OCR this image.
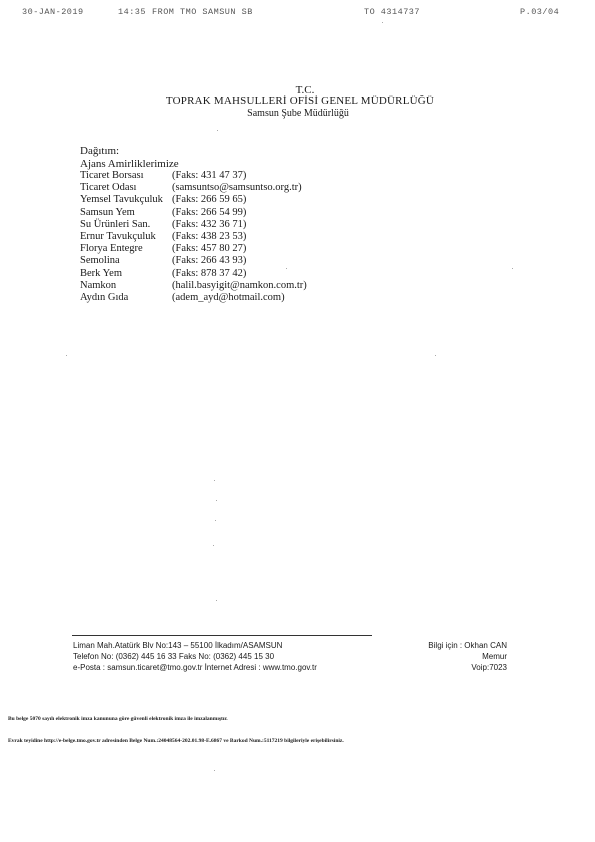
30-JAN-2019	14:35 FROM TMO SAMSUN SB	TO 4314737	P.03/04
T.C.
TOPRAK MAHSULLERİ OFİSİ GENEL MÜDÜRLÜĞÜ
Samsun Şube Müdürlüğü
Dağıtım:
Ajans Amirliklerimize
Ticaret Borsası	(Faks: 431 47 37)
Ticaret Odası	(samsuntso@samsuntso.org.tr)
Yemsel Tavukçuluk (Faks: 266 59 65)
Samsun Yem	(Faks: 266 54 99)
Su Ürünleri San. (Faks: 432 36 71)
Ernur Tavukçuluk (Faks: 438 23 53)
Florya Entegre	(Faks: 457 80 27)
Semolina	(Faks: 266 43 93)
Berk Yem	(Faks: 878 37 42)
Namkon	(halil.basyigit@namkon.com.tr)
Aydın Gıda	(adem_ayd@hotmail.com)
Liman Mah.Atatürk Blv No:143 – 55100 İlkadım/ASAMSUN
Telefon No: (0362) 445 16 33 Faks No: (0362) 445 15 30
e-Posta : samsun.ticaret@tmo.gov.tr İnternet Adresi : www.tmo.gov.tr
Bilgi için : Okhan CAN
Memur
Voip:7023
Bu belge 5070 sayılı elektronik imza kanununa göre güvenli elektronik imza ile imzalanmıştır.
Evrak teyidine http://e-belge.tmo.gov.tr adresinden Belge Num.:24048564-202.01.98-E.6867 ve Barkod Num.:5117219 bilgileriyle erişebilirsiniz.
